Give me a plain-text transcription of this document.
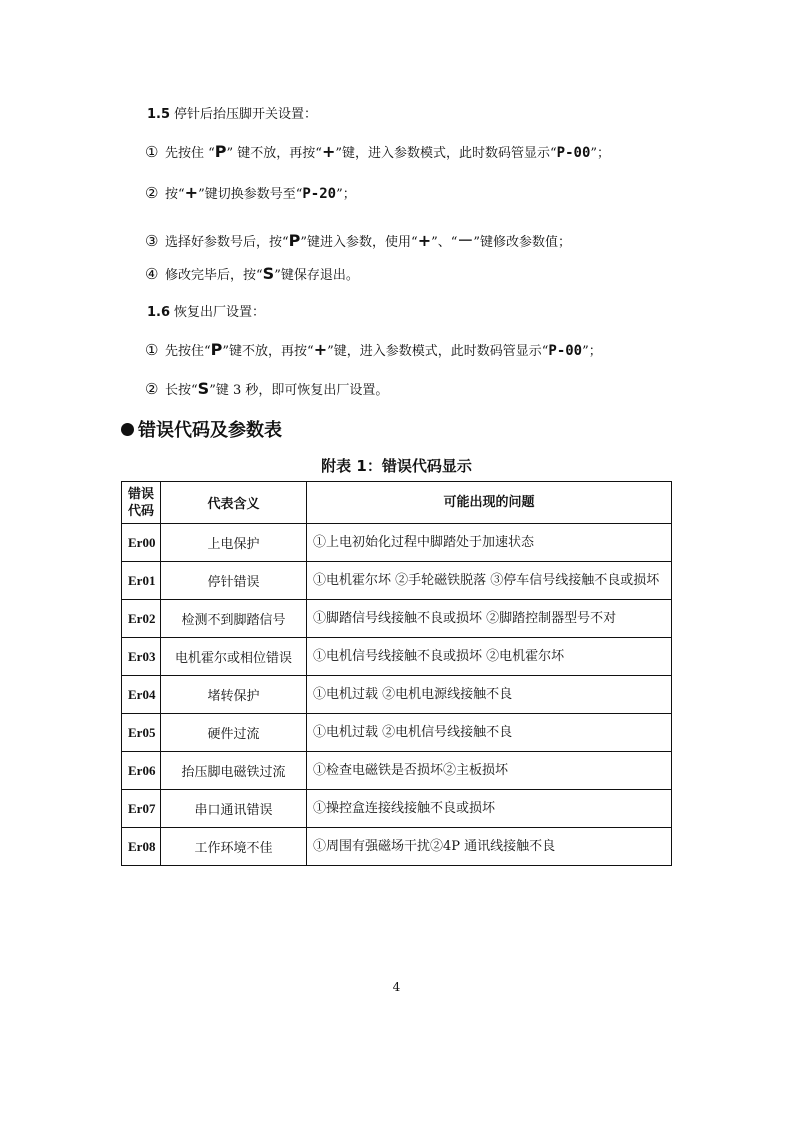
1.5 停针后抬压脚开关设置：
① 先按住 “P” 键不放，再按“+”键，进入参数模式，此时数码管显示“P-00”；
② 按“+”键切换参数号至“P-20”；
③ 选择好参数号后，按“P”键进入参数，使用“+”、“－”键修改参数值；
④ 修改完毕后，按“S”键保存退出。
1.6 恢复出厂设置：
① 先按住“P”键不放，再按“+”键，进入参数模式，此时数码管显示“P-00”；
② 长按“S”键 3 秒，即可恢复出厂设置。
错误代码及参数表
附表 1：错误代码显示
错误
代码	代表含义	可能出现的问题
Er00	上电保护	①上电初始化过程中脚踏处于加速状态
Er01	停针错误	①电机霍尔坏 ②手轮磁铁脱落 ③停车信号线接触不良或损坏
Er02	检测不到脚踏信号	①脚踏信号线接触不良或损坏 ②脚踏控制器型号不对
Er03	电机霍尔或相位错误	①电机信号线接触不良或损坏 ②电机霍尔坏
Er04	堵转保护	①电机过载 ②电机电源线接触不良
Er05	硬件过流	①电机过载 ②电机信号线接触不良
Er06	抬压脚电磁铁过流	①检查电磁铁是否损坏②主板损坏
Er07	串口通讯错误	①操控盒连接线接触不良或损坏
Er08	工作环境不佳	①周围有强磁场干扰②4P 通讯线接触不良
4
